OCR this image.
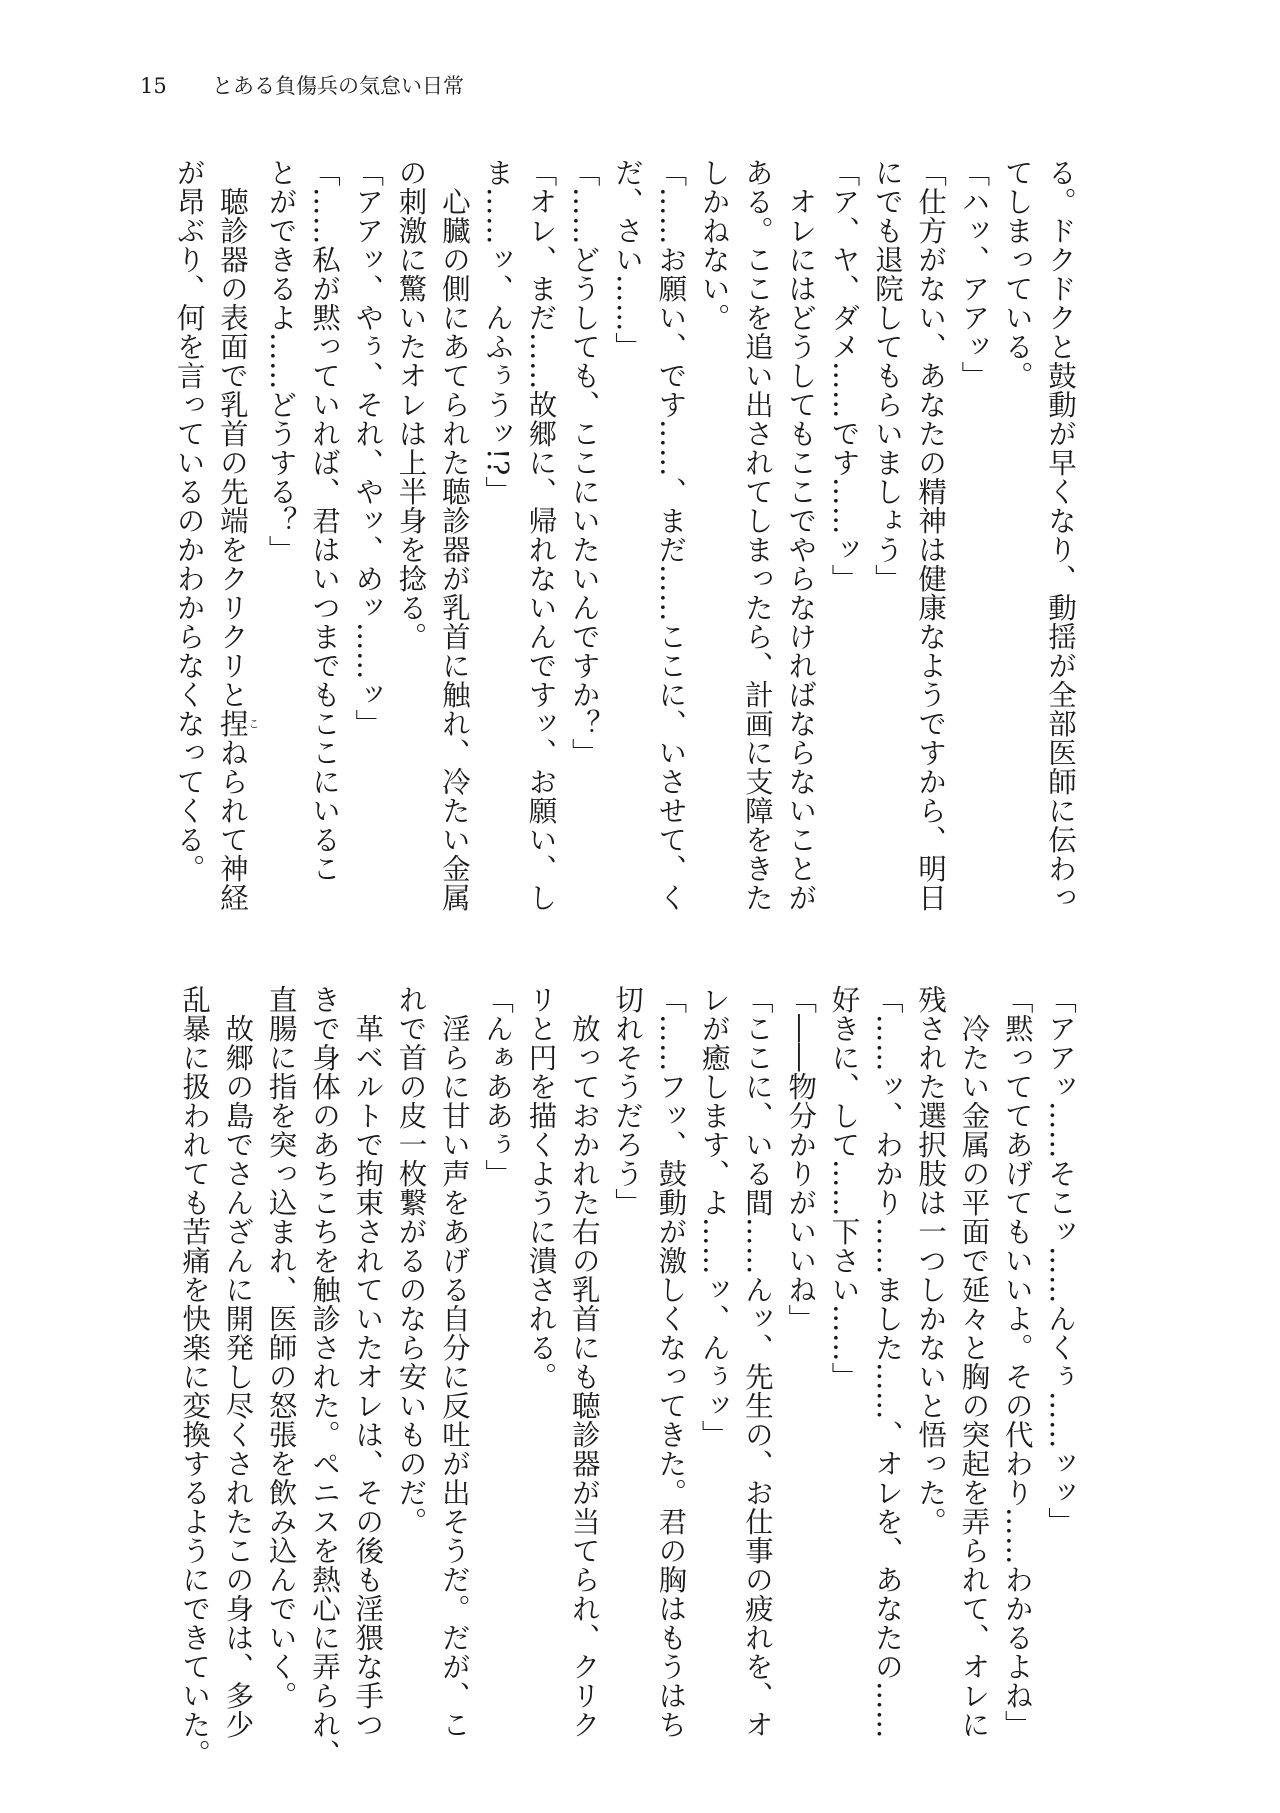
15 とある負傷兵の気怠い日常
る。ドクドクと鼓動が早くなり、動揺が全部医師に伝わっ
てしまっている。
「ハッ、アアッ」
「仕方がない、あなたの精神は健康なようですから、明日
にでも退院してもらいましょう」
「ア、ヤ、ダメ……です……ッ」
　オレにはどうしてもここでやらなければならないことが
ある。ここを追い出されてしまったら、計画に支障をきた
しかねない。
「……お願い、です……、まだ……ここに、いさせて、く
だ、さい……」
「……どうしても、ここにいたいんですか？」
「オレ、まだ……故郷に、帰れないんですッ、お願い、し
ま……ッ、んふぅうッ!?」
　心臓の側にあてられた聴診器が乳首に触れ、冷たい金属
の刺激に驚いたオレは上半身を捻る。
「アアッ、やぅ、それ、やッ、めッ……ッ」
「……私が黙っていれば、君はいつまでもここにいるこ
とができるよ……どうする？」
　聴診器の表面で乳首の先端をクリクリと捏こねられて神経
が昂ぶり、何を言っているのかわからなくなってくる。
「アアッ……そこッ……んくぅ……ッッ」
「黙っててあげてもいいよ。その代わり……わかるよね」
　冷たい金属の平面で延々と胸の突起を弄られて、オレに
残された選択肢は一つしかないと悟った。
「……ッ、わかり……ました……、オレを、あなたの……
好きに、して……下さい……」
「――物分かりがいいね」
「ここに、いる間……んッ、先生の、お仕事の疲れを、オ
レが癒します、よ……ッ、んぅッ」
「……フッ、鼓動が激しくなってきた。君の胸はもうはち
切れそうだろう」
　放っておかれた右の乳首にも聴診器が当てられ、クリク
リと円を描くように潰される。
「んぁああぅ」
　淫らに甘い声をあげる自分に反吐が出そうだ。だが、こ
れで首の皮一枚繋がるのなら安いものだ。
　革ベルトで拘束されていたオレは、その後も淫猥な手つ
きで身体のあちこちを触診された。ペニスを熱心に弄られ、
直腸に指を突っ込まれ、医師の怒張を飲み込んでいく。
　故郷の島でさんざんに開発し尽くされたこの身は、多少
乱暴に扱われても苦痛を快楽に変換するようにできていた。
